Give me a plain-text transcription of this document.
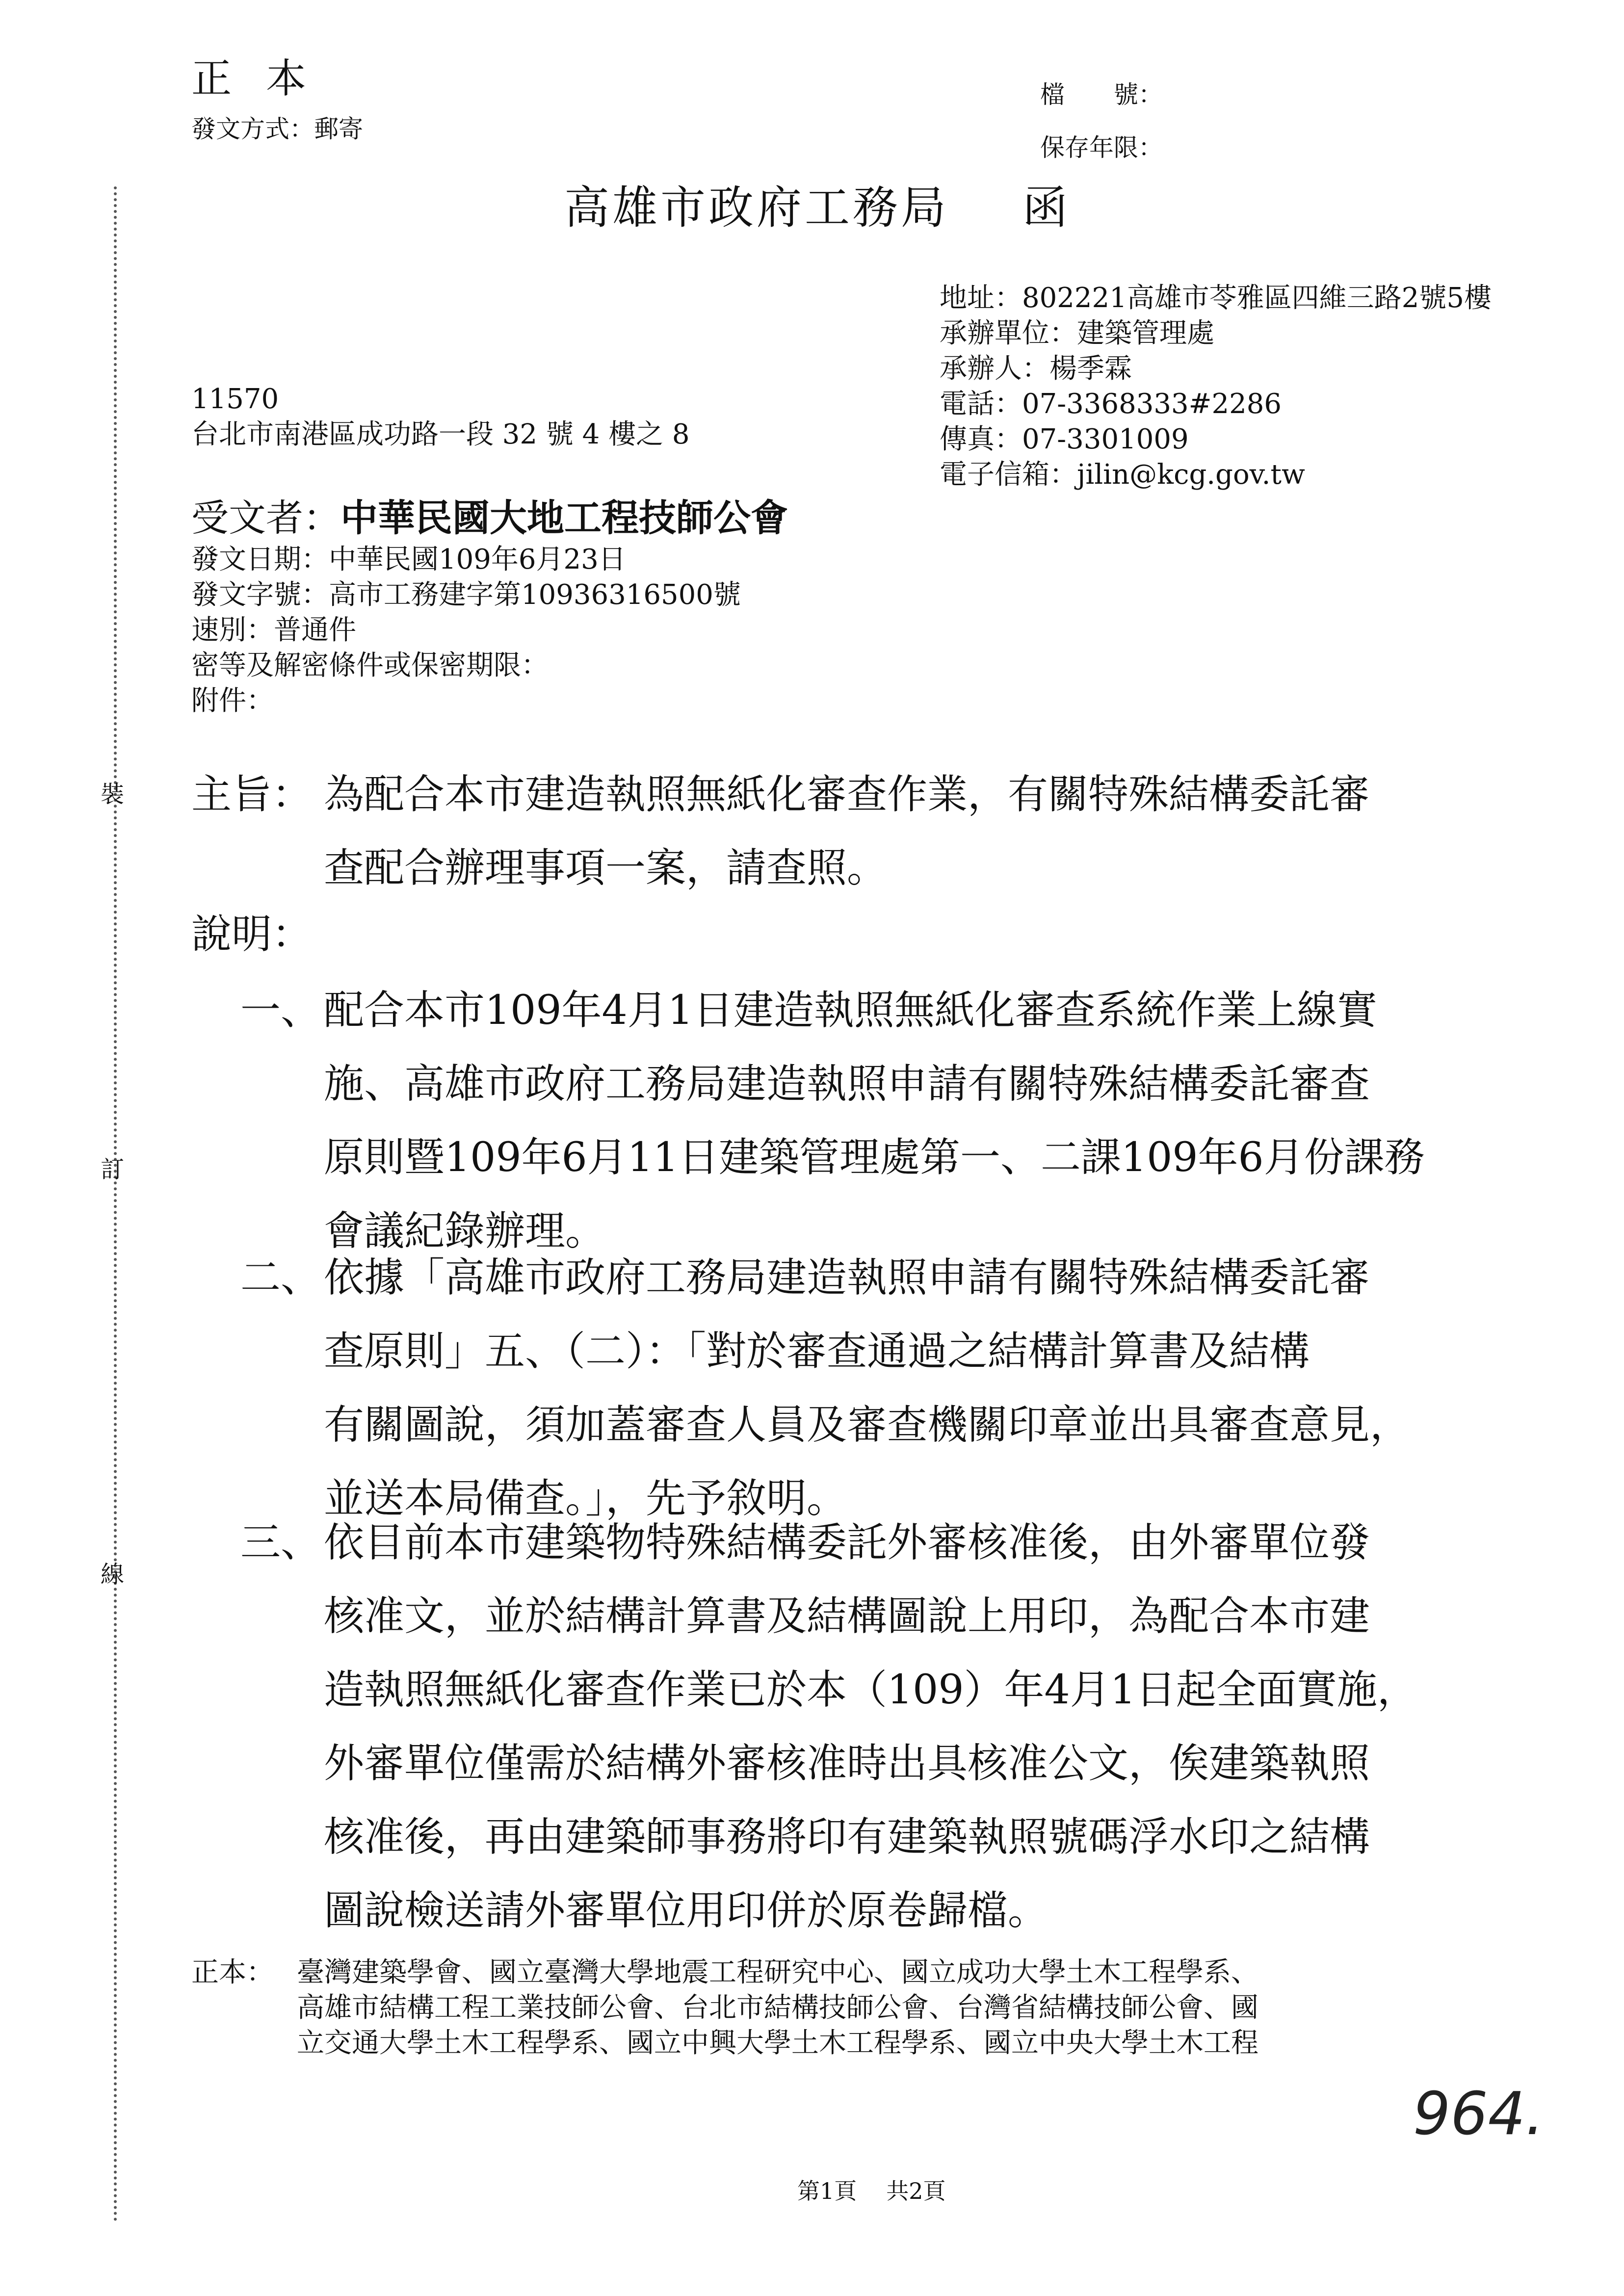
裝
訂
線
正本
發文方式：郵寄
檔　　號：
保存年限：
高雄市政府工務局 函
地址：802221高雄市苓雅區四維三路2號5樓
承辦單位：建築管理處
承辦人：楊季霖
電話：07-3368333#2286
傳真：07-3301009
電子信箱：jilin@kcg.gov.tw
11570
台北市南港區成功路一段 32 號 4 樓之 8
受文者：中華民國大地工程技師公會
發文日期：中華民國109年6月23日
發文字號：高市工務建字第10936316500號
速別：普通件
密等及解密條件或保密期限：
附件：
主旨： 為配合本市建造執照無紙化審查作業，有關特殊結構委託審
查配合辦理事項一案，請查照。
說明：
一、 配合本市109年4月1日建造執照無紙化審查系統作業上線實
施、高雄市政府工務局建造執照申請有關特殊結構委託審查
原則暨109年6月11日建築管理處第一、二課109年6月份課務
會議紀錄辦理。
二、 依據「高雄市政府工務局建造執照申請有關特殊結構委託審
查原則」五、（二）：「對於審查通過之結構計算書及結構
有關圖說，須加蓋審查人員及審查機關印章並出具審查意見，
並送本局備查。」，先予敘明。
三、 依目前本市建築物特殊結構委託外審核准後，由外審單位發
核准文，並於結構計算書及結構圖說上用印，為配合本市建
造執照無紙化審查作業已於本（109）年4月1日起全面實施，
外審單位僅需於結構外審核准時出具核准公文，俟建築執照
核准後，再由建築師事務將印有建築執照號碼浮水印之結構
圖說檢送請外審單位用印併於原卷歸檔。
正本： 臺灣建築學會、國立臺灣大學地震工程研究中心、國立成功大學土木工程學系、
高雄市結構工程工業技師公會、台北市結構技師公會、台灣省結構技師公會、國
立交通大學土木工程學系、國立中興大學土木工程學系、國立中央大學土木工程
964.
第1頁 共2頁
